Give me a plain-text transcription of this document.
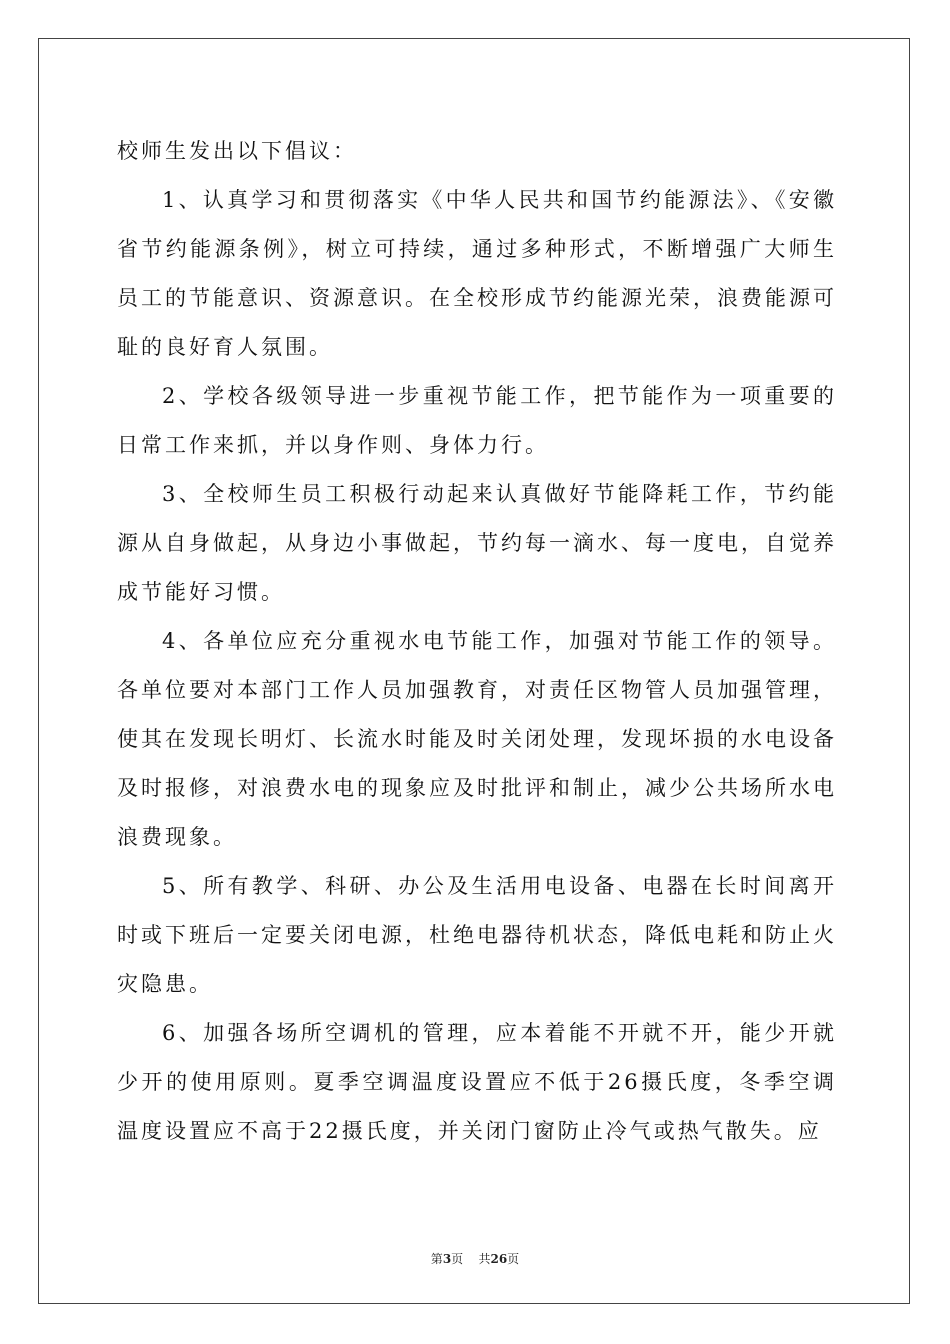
校师生发出以下倡议：

1、认真学习和贯彻落实《中华人民共和国节约能源法》、《安徽省节约能源条例》，树立可持续，通过多种形式，不断增强广大师生员工的节能意识、资源意识。在全校形成节约能源光荣，浪费能源可耻的良好育人氛围。

2、学校各级领导进一步重视节能工作，把节能作为一项重要的日常工作来抓，并以身作则、身体力行。

3、全校师生员工积极行动起来认真做好节能降耗工作，节约能源从自身做起，从身边小事做起，节约每一滴水、每一度电，自觉养成节能好习惯。

4、各单位应充分重视水电节能工作，加强对节能工作的领导。各单位要对本部门工作人员加强教育，对责任区物管人员加强管理，使其在发现长明灯、长流水时能及时关闭处理，发现坏损的水电设备及时报修，对浪费水电的现象应及时批评和制止，减少公共场所水电浪费现象。

5、所有教学、科研、办公及生活用电设备、电器在长时间离开时或下班后一定要关闭电源，杜绝电器待机状态，降低电耗和防止火灾隐患。

6、加强各场所空调机的管理，应本着能不开就不开，能少开就少开的使用原则。夏季空调温度设置应不低于26摄氏度，冬季空调温度设置应不高于22摄氏度，并关闭门窗防止冷气或热气散失。应

第3页 共26页
